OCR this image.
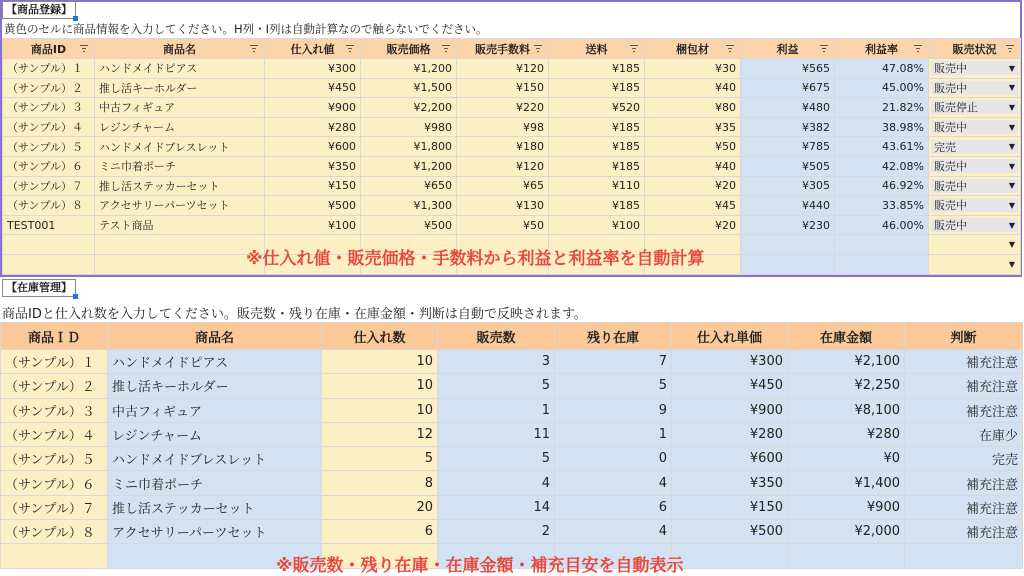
【商品登録】
黄色のセルに商品情報を入力してください。H列・I列は自動計算なので触らないでください。
商品ID	商品名	仕入れ値	販売価格	販売手数料	送料	梱包材	利益	利益率	販売状況

（サンプル）１	ハンドメイドピアス	¥300	¥1,200	¥120	¥185	¥30	¥565	47.08%	販売中 ▼

（サンプル）２	推し活キーホルダー	¥450	¥1,500	¥150	¥185	¥40	¥675	45.00%	販売中 ▼

（サンプル）３	中古フィギュア	¥900	¥2,200	¥220	¥520	¥80	¥480	21.82%	販売停止 ▼

（サンプル）４	レジンチャーム	¥280	¥980	¥98	¥185	¥35	¥382	38.98%	販売中 ▼

（サンプル）５	ハンドメイドブレスレット	¥600	¥1,800	¥180	¥185	¥50	¥785	43.61%	完売 ▼

（サンプル）６	ミニ巾着ポーチ	¥350	¥1,200	¥120	¥185	¥40	¥505	42.08%	販売中 ▼

（サンプル）７	推し活ステッカーセット	¥150	¥650	¥65	¥110	¥20	¥305	46.92%	販売中 ▼

（サンプル）８	アクセサリーパーツセット	¥500	¥1,300	¥130	¥185	¥45	¥440	33.85%	販売中 ▼

TEST001	テスト商品	¥100	¥500	¥50	¥100	¥20	¥230	46.00%	販売中 ▼

									▼

									▼
※仕入れ値・販売価格・手数料から利益と利益率を自動計算
【在庫管理】
商品IDと仕入れ数を入力してください。販売数・残り在庫・在庫金額・判断は自動で反映されます。
商品ＩＤ	商品名	仕入れ数	販売数	残り在庫	仕入れ単価	在庫金額	判断
（サンプル）１	ハンドメイドピアス	10	3	7	¥300	¥2,100	補充注意
（サンプル）２	推し活キーホルダー	10	5	5	¥450	¥2,250	補充注意
（サンプル）３	中古フィギュア	10	1	9	¥900	¥8,100	補充注意
（サンプル）４	レジンチャーム	12	11	1	¥280	¥280	在庫少
（サンプル）５	ハンドメイドブレスレット	5	5	0	¥600	¥0	完売
（サンプル）６	ミニ巾着ポーチ	8	4	4	¥350	¥1,400	補充注意
（サンプル）７	推し活ステッカーセット	20	14	6	¥150	¥900	補充注意
（サンプル）８	アクセサリーパーツセット	6	2	4	¥500	¥2,000	補充注意

※販売数・残り在庫・在庫金額・補充目安を自動表示
